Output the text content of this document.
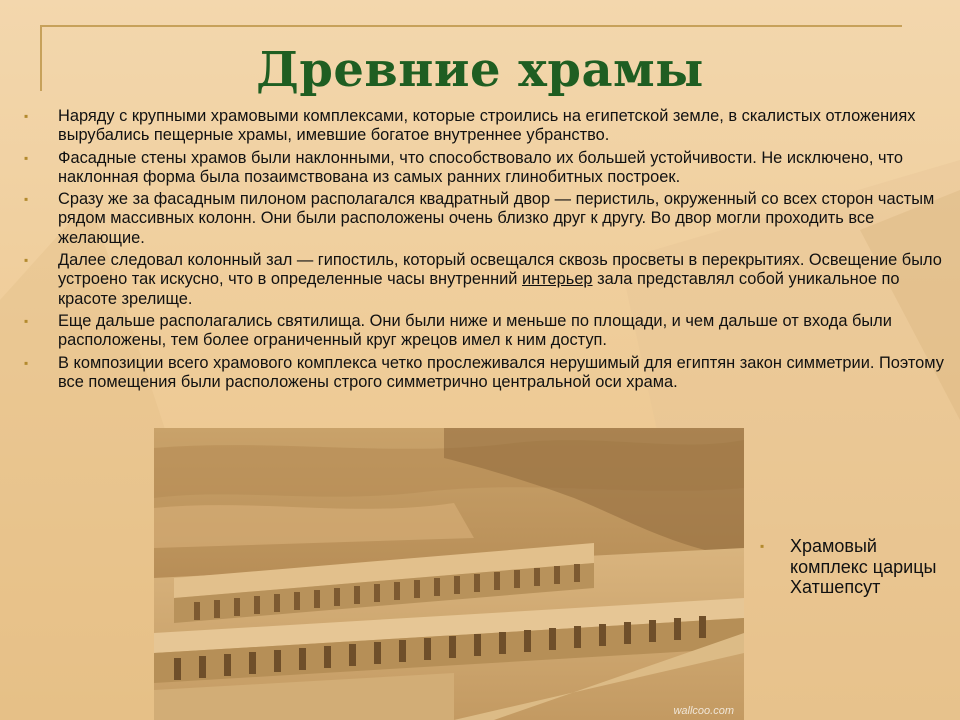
Древние храмы
▪ Наряду с крупными храмовыми комплексами, которые строились на египетской земле, в скалистых отложениях вырубались пещерные храмы, имевшие богатое внутреннее убранство.
▪ Фасадные стены храмов были наклонными, что способствовало их большей устойчивости. Не исключено, что наклонная форма была позаимствована из самых ранних глинобитных построек.
▪ Сразу же за фасадным пилоном располагался квадратный двор — перистиль, окруженный со всех сторон частым рядом массивных колонн. Они были расположены очень близко друг к другу. Во двор могли проходить все желающие.
▪ Далее следовал колонный зал — гипостиль, который освещался сквозь просветы в перекрытиях. Освещение было устроено так искусно, что в определенные часы внутренний интерьер зала представлял собой уникальное по красоте зрелище.
▪ Еще дальше располагались святилища. Они были ниже и меньше по площади, и чем дальше от входа были расположены, тем более ограниченный круг жрецов имел к ним доступ.
▪ В композиции всего храмового комплекса четко прослеживался нерушимый для египтян закон симметрии. Поэтому все помещения были расположены строго симметрично центральной оси храма.
wallcoo.com
▪	Храмовый комплекс царицы Хатшепсут
